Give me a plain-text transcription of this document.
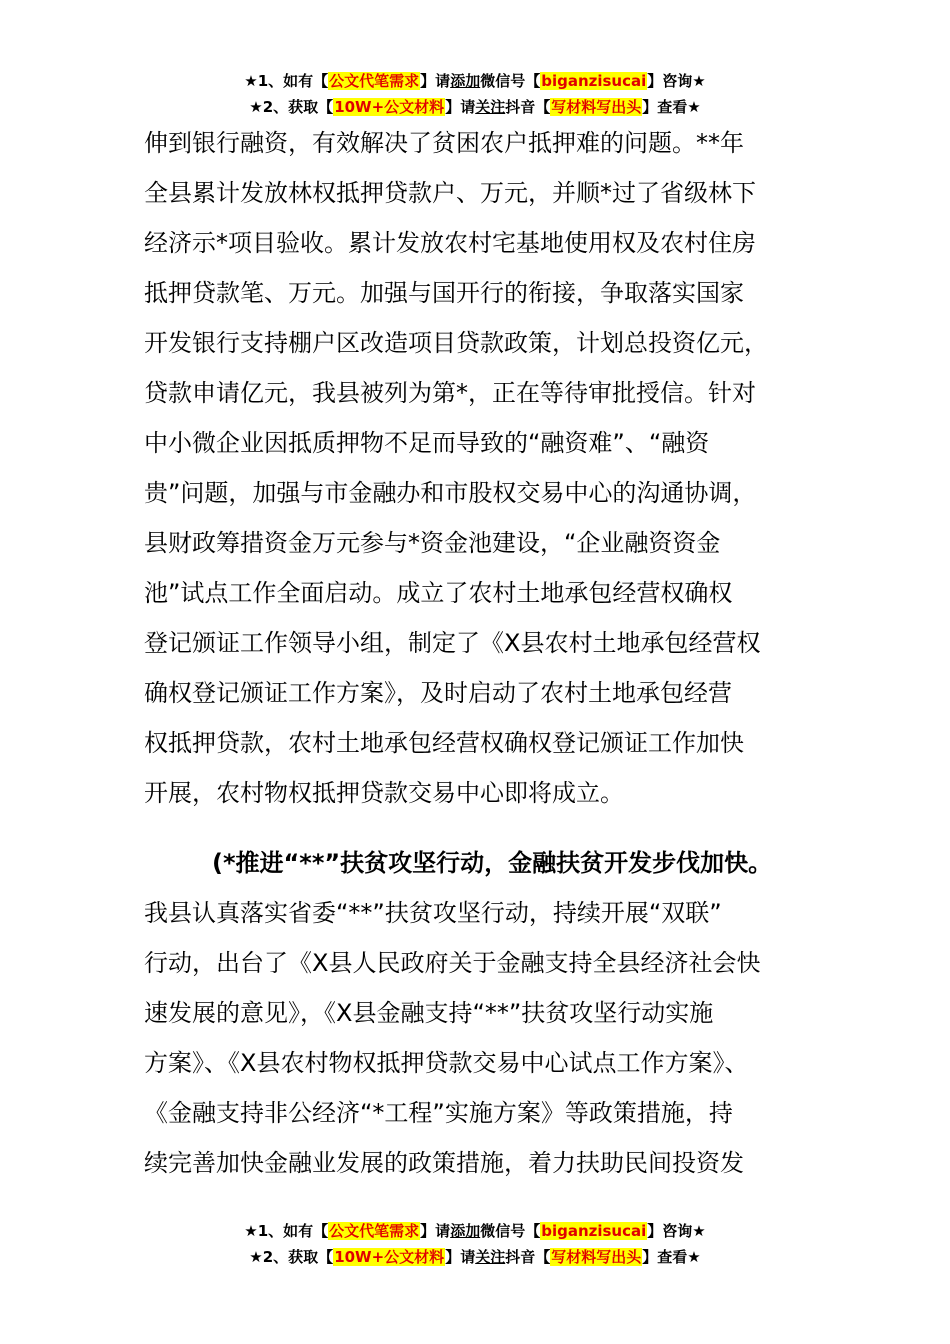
★1、如有【公文代笔需求】请添加微信号【biganzisucai】咨询★
★2、获取【10W+公文材料】请关注抖音【写材料写出头】查看★
伸到银行融资，有效解决了贫困农户抵押难的问题。**年
全县累计发放林权抵押贷款户、万元，并顺*过了省级林下
经济示*项目验收。累计发放农村宅基地使用权及农村住房
抵押贷款笔、万元。加强与国开行的衔接，争取落实国家
开发银行支持棚户区改造项目贷款政策，计划总投资亿元，
贷款申请亿元，我县被列为第*，正在等待审批授信。针对
中小微企业因抵质押物不足而导致的“融资难”、“融资
贵”问题，加强与市金融办和市股权交易中心的沟通协调，
县财政筹措资金万元参与*资金池建设，“企业融资资金
池”试点工作全面启动。成立了农村土地承包经营权确权
登记颁证工作领导小组，制定了《X县农村土地承包经营权
确权登记颁证工作方案》，及时启动了农村土地承包经营
权抵押贷款，农村土地承包经营权确权登记颁证工作加快
开展，农村物权抵押贷款交易中心即将成立。
(*推进“**”扶贫攻坚行动，金融扶贫开发步伐加快。
我县认真落实省委“**”扶贫攻坚行动，持续开展“双联”
行动，出台了《X县人民政府关于金融支持全县经济社会快
速发展的意见》，《X县金融支持“**”扶贫攻坚行动实施
方案》、《X县农村物权抵押贷款交易中心试点工作方案》、
《金融支持非公经济“*工程”实施方案》等政策措施，持
续完善加快金融业发展的政策措施，着力扶助民间投资发
★1、如有【公文代笔需求】请添加微信号【biganzisucai】咨询★
★2、获取【10W+公文材料】请关注抖音【写材料写出头】查看★
